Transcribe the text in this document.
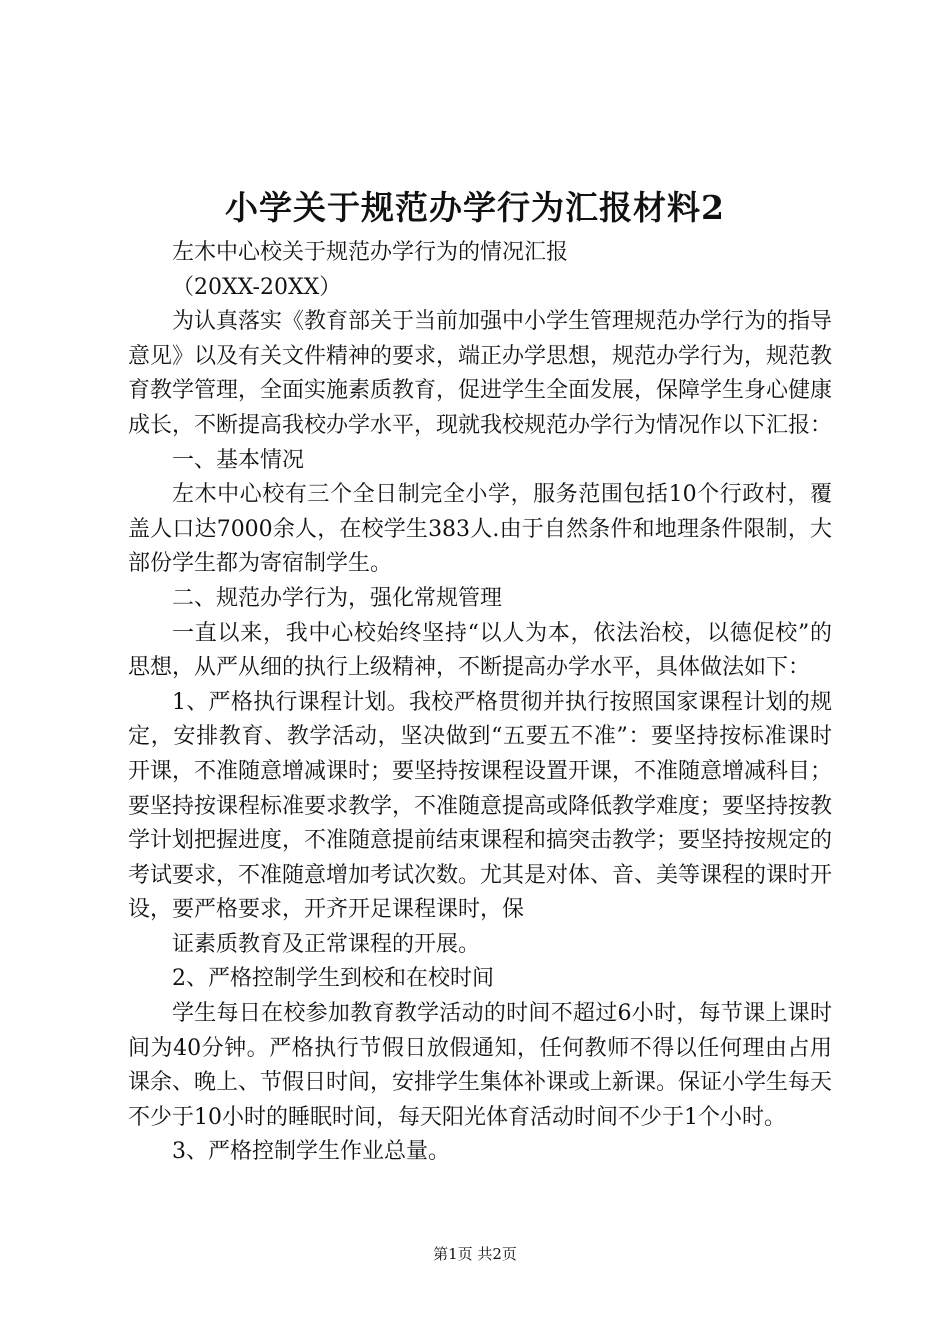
小学关于规范办学行为汇报材料2

左木中心校关于规范办学行为的情况汇报

（20XX-20XX）

为认真落实《教育部关于当前加强中小学生管理规范办学行为的指导意见》以及有关文件精神的要求，端正办学思想，规范办学行为，规范教育教学管理，全面实施素质教育，促进学生全面发展，保障学生身心健康成长，不断提高我校办学水平，现就我校规范办学行为情况作以下汇报：

一、基本情况

左木中心校有三个全日制完全小学，服务范围包括10个行政村，覆盖人口达7000余人，在校学生383人.由于自然条件和地理条件限制，大部份学生都为寄宿制学生。

二、规范办学行为，强化常规管理

一直以来，我中心校始终坚持“以人为本，依法治校，以德促校”的思想，从严从细的执行上级精神，不断提高办学水平，具体做法如下：

1、严格执行课程计划。我校严格贯彻并执行按照国家课程计划的规定，安排教育、教学活动，坚决做到“五要五不准”：要坚持按标准课时开课，不准随意增减课时；要坚持按课程设置开课，不准随意增减科目；要坚持按课程标准要求教学，不准随意提高或降低教学难度；要坚持按教学计划把握进度，不准随意提前结束课程和搞突击教学；要坚持按规定的考试要求，不准随意增加考试次数。尤其是对体、音、美等课程的课时开设，要严格要求，开齐开足课程课时，保

证素质教育及正常课程的开展。

2、严格控制学生到校和在校时间

学生每日在校参加教育教学活动的时间不超过6小时，每节课上课时间为40分钟。严格执行节假日放假通知，任何教师不得以任何理由占用课余、晚上、节假日时间，安排学生集体补课或上新课。保证小学生每天不少于10小时的睡眠时间，每天阳光体育活动时间不少于1个小时。

3、严格控制学生作业总量。

第1页 共2页
